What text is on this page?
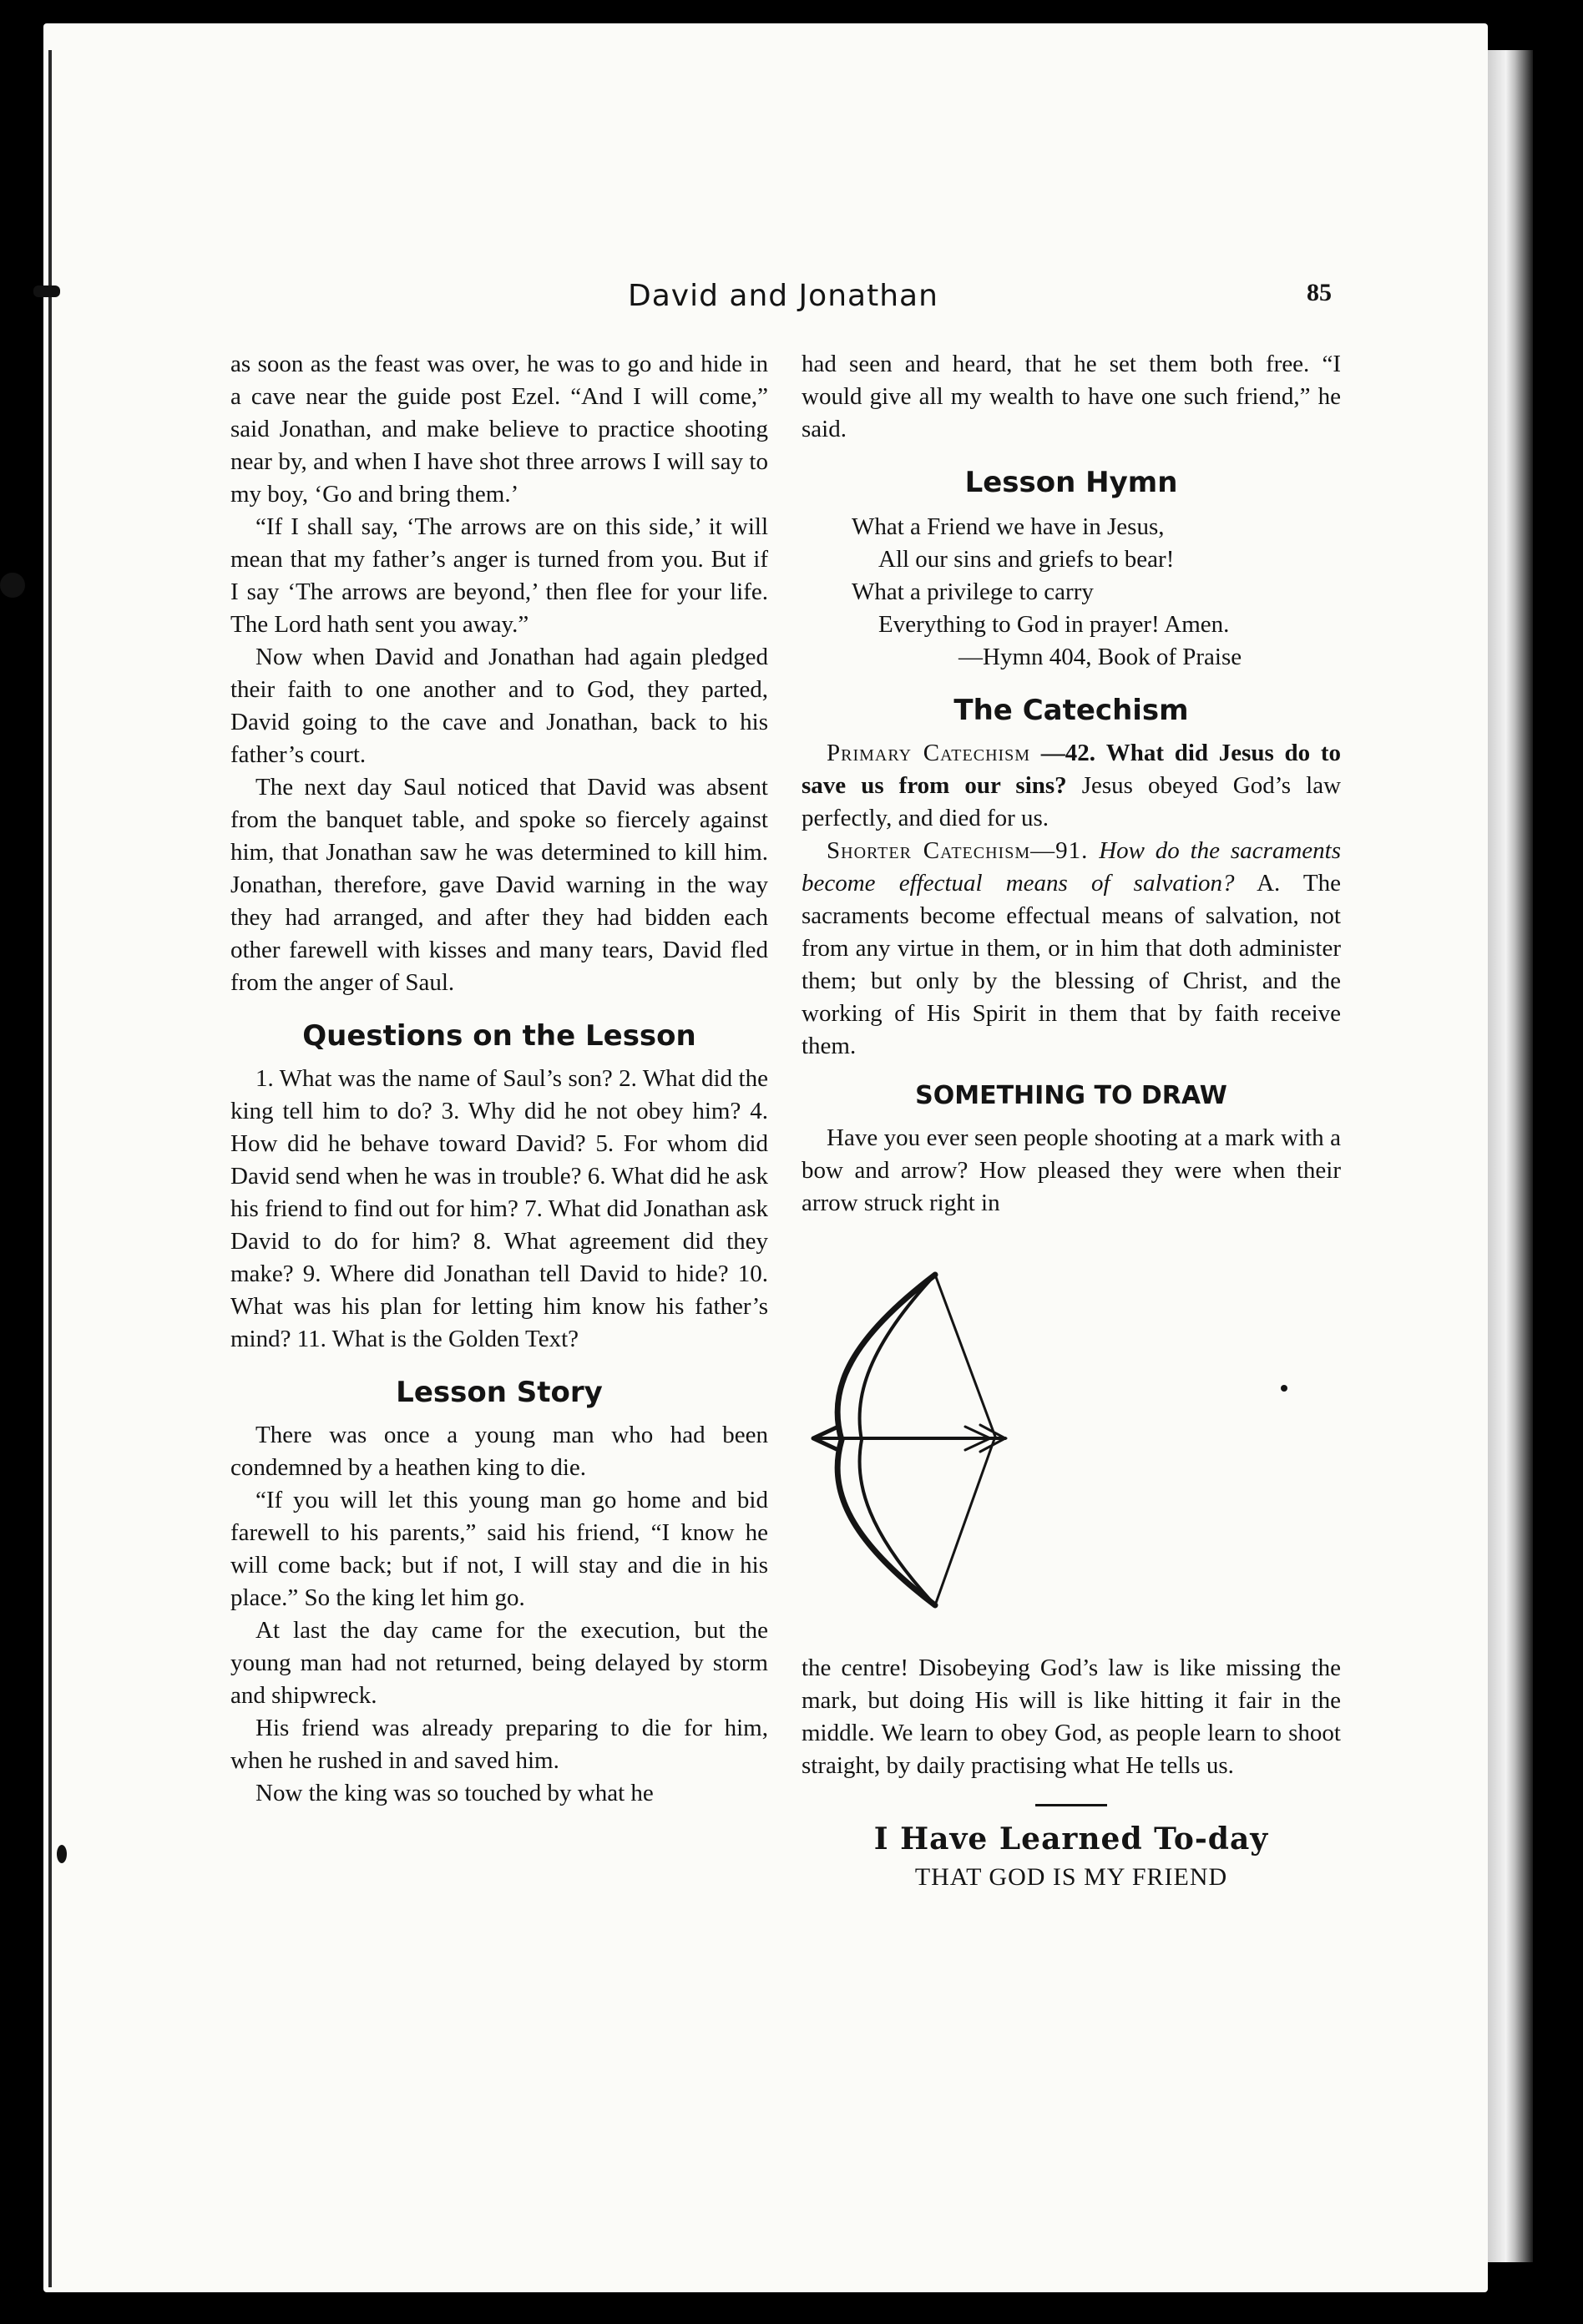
David and Jonathan	85

as soon as the feast was over, he was to go and hide in a cave near the guide post Ezel. “And I will come,” said Jonathan, and make believe to practice shooting near by, and when I have shot three arrows I will say to my boy, ‘Go and bring them.’

“If I shall say, ‘The arrows are on this side,’ it will mean that my father’s anger is turned from you. But if I say ‘The arrows are beyond,’ then flee for your life. The Lord hath sent you away.”

Now when David and Jonathan had again pledged their faith to one another and to God, they parted, David going to the cave and Jonathan, back to his father’s court.

The next day Saul noticed that David was absent from the banquet table, and spoke so fiercely against him, that Jonathan saw he was determined to kill him. Jonathan, therefore, gave David warning in the way they had arranged, and after they had bidden each other farewell with kisses and many tears, David fled from the anger of Saul.

Questions on the Lesson

1. What was the name of Saul’s son? 2. What did the king tell him to do? 3. Why did he not obey him? 4. How did he behave toward David? 5. For whom did David send when he was in trouble? 6. What did he ask his friend to find out for him? 7. What did Jonathan ask David to do for him? 8. What agreement did they make? 9. Where did Jonathan tell David to hide? 10. What was his plan for letting him know his father’s mind? 11. What is the Golden Text?

Lesson Story

There was once a young man who had been condemned by a heathen king to die.

“If you will let this young man go home and bid farewell to his parents,” said his friend, “I know he will come back; but if not, I will stay and die in his place.” So the king let him go.

At last the day came for the execution, but the young man had not returned, being delayed by storm and shipwreck.

His friend was already preparing to die for him, when he rushed in and saved him.

Now the king was so touched by what he

had seen and heard, that he set them both free. “I would give all my wealth to have one such friend,” he said.

Lesson Hymn
What a Friend we have in Jesus,
All our sins and griefs to bear!
What a privilege to carry
Everything to God in prayer! Amen.
—Hymn 404, Book of Praise
The Catechism

Primary Catechism —42. What did Jesus do to save us from our sins? Jesus obeyed God’s law perfectly, and died for us.

Shorter Catechism—91. How do the sacraments become effectual means of salvation? A. The sacraments become effectual means of salvation, not from any virtue in them, or in him that doth administer them; but only by the blessing of Christ, and the working of His Spirit in them that by faith receive them.

SOMETHING TO DRAW

Have you ever seen people shooting at a mark with a bow and arrow? How pleased they were when their arrow struck right in

the centre! Disobeying God’s law is like missing the mark, but doing His will is like hitting it fair in the middle. We learn to obey God, as people learn to shoot straight, by daily practising what He tells us.

I Have Learned To-day
THAT GOD IS MY FRIEND
